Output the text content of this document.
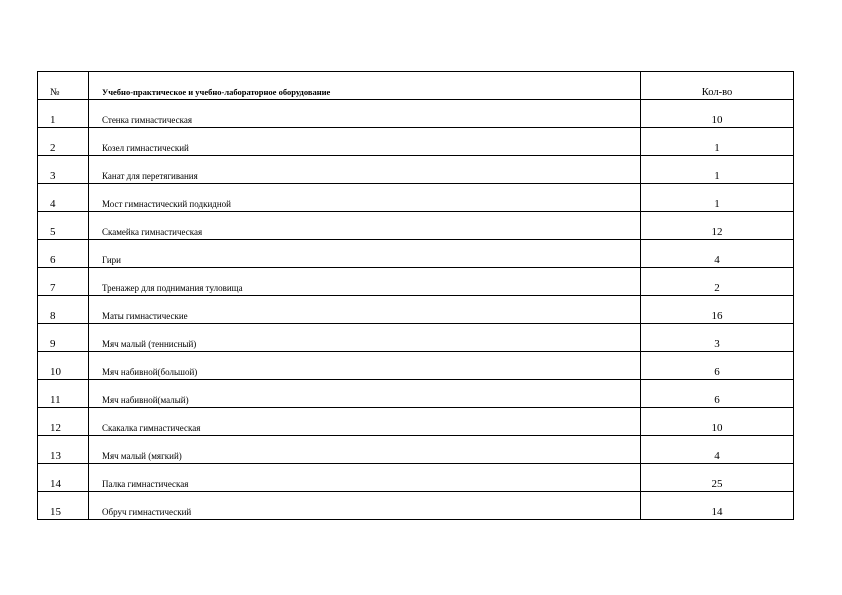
№	Учебно-практическое и учебно-лабораторное оборудование	Кол-во
1	Стенка гимнастическая	10
2	Козел гимнастический	1
3	Канат для перетягивания	1
4	Мост гимнастический подкидной	1
5	Скамейка гимнастическая	12
6	Гири	4
7	Тренажер для поднимания туловища	2
8	Маты гимнастические	16
9	Мяч малый (теннисный)	3
10	Мяч набивной(большой)	6
11	Мяч набивной(малый)	6
12	Скакалка гимнастическая	10
13	Мяч малый (мягкий)	4
14	Палка гимнастическая	25
15	Обруч гимнастический	14
